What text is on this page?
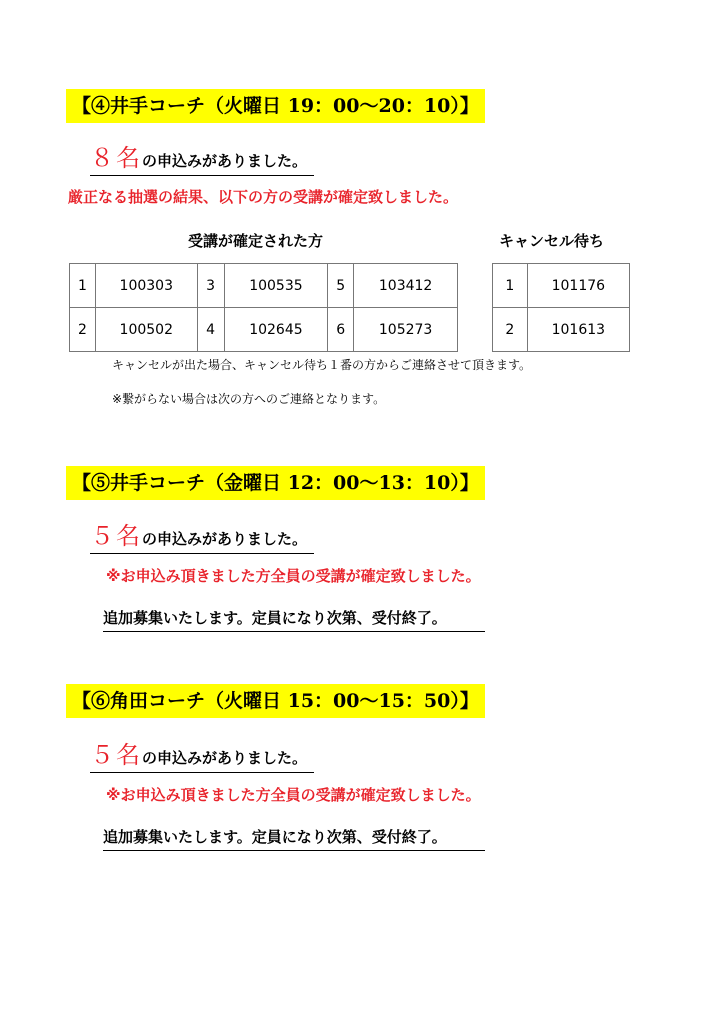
【④井手コーチ（火曜日 19：00～20：10）】
８名の申込みがありました。
厳正なる抽選の結果、以下の方の受講が確定致しました。
受講が確定された方	キャンセル待ち
1	100303	3	100535	5	103412
2	100502	4	102645	6	105273
1	101176
2	101613
キャンセルが出た場合、キャンセル待ち１番の方からご連絡させて頂きます。
※繋がらない場合は次の方へのご連絡となります。
【⑤井手コーチ（金曜日 12：00～13：10）】
５名の申込みがありました。
※お申込み頂きました方全員の受講が確定致しました。
追加募集いたします。定員になり次第、受付終了。
【⑥角田コーチ（火曜日 15：00～15：50）】
５名の申込みがありました。
※お申込み頂きました方全員の受講が確定致しました。
追加募集いたします。定員になり次第、受付終了。
